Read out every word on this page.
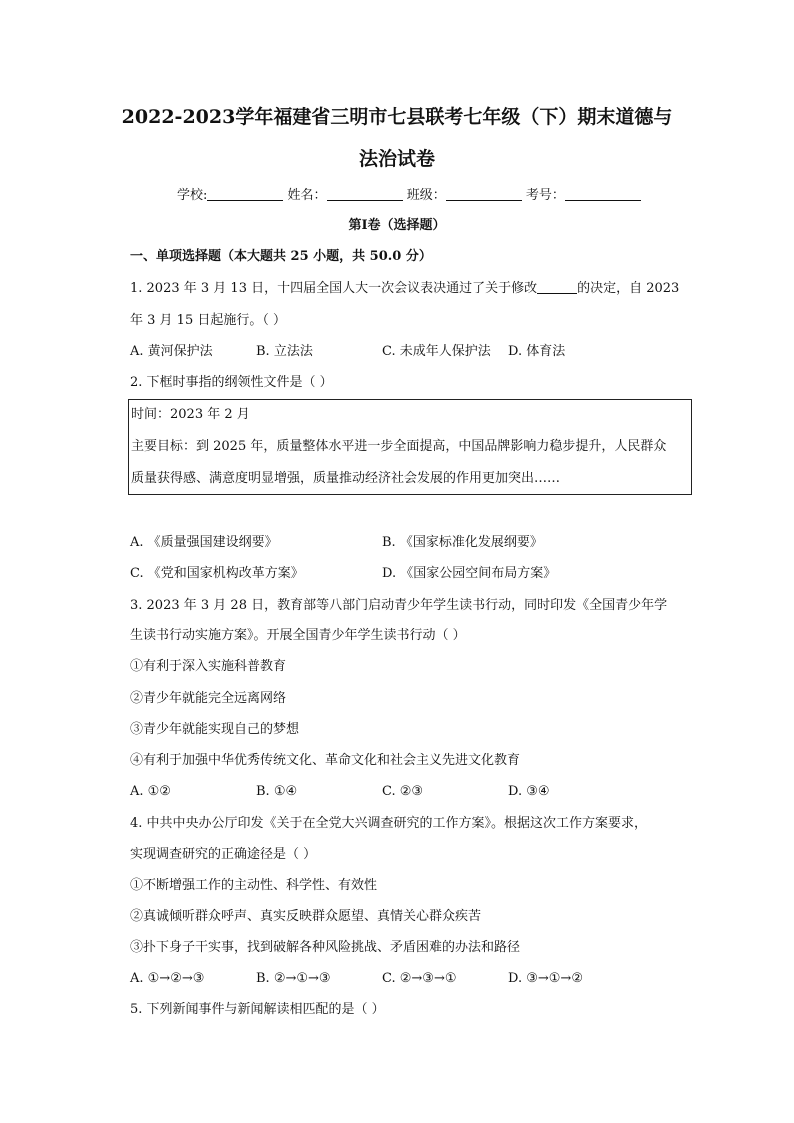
2022-2023学年福建省三明市七县联考七年级（下）期末道德与
法治试卷
学校:	姓名：	班级：	考号：
第I卷（选择题）
一、单项选择题（本大题共 25 小题，共 50.0 分）
1. 2023 年 3 月 13 日，十四届全国人大一次会议表决通过了关于修改	的决定，自 2023
年 3 月 15 日起施行。（ ）
A. 黄河保护法	B. 立法法	C. 未成年人保护法 D. 体育法
2. 下框时事指的纲领性文件是（ ）
时间：2023 年 2 月
主要目标：到 2025 年，质量整体水平进一步全面提高，中国品牌影响力稳步提升，人民群众
质量获得感、满意度明显增强，质量推动经济社会发展的作用更加突出……
A. 《质量强国建设纲要》	B. 《国家标准化发展纲要》
C. 《党和国家机构改革方案》	D. 《国家公园空间布局方案》
3. 2023 年 3 月 28 日，教育部等八部门启动青少年学生读书行动，同时印发《全国青少年学
生读书行动实施方案》。开展全国青少年学生读书行动（ ）
①有利于深入实施科普教育
②青少年就能完全远离网络
③青少年就能实现自己的梦想
④有利于加强中华优秀传统文化、革命文化和社会主义先进文化教育
A. ①②	B. ①④	C. ②③	D. ③④
4. 中共中央办公厅印发《关于在全党大兴调查研究的工作方案》。根据这次工作方案要求，
实现调查研究的正确途径是（ ）
①不断增强工作的主动性、科学性、有效性
②真诚倾听群众呼声、真实反映群众愿望、真情关心群众疾苦
③扑下身子干实事，找到破解各种风险挑战、矛盾困难的办法和路径
A. ①→②→③	B. ②→①→③	C. ②→③→①	D. ③→①→②
5. 下列新闻事件与新闻解读相匹配的是（ ）
